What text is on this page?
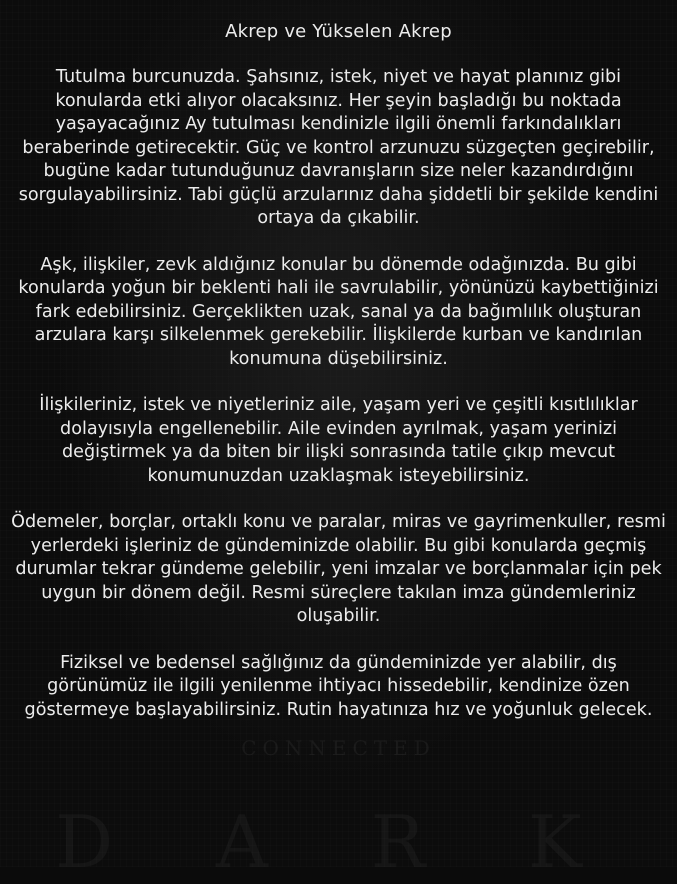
CONNECTED
Akrep ve Yükselen Akrep

Tutulma burcunuzda. Şahsınız, istek, niyet ve hayat planınız gibi konularda etki alıyor olacaksınız. Her şeyin başladığı bu noktada yaşayacağınız Ay tutulması kendinizle ilgili önemli farkındalıkları beraberinde getirecektir. Güç ve kontrol arzunuzu süzgeçten geçirebilir, bugüne kadar tutunduğunuz davranışların size neler kazandırdığını sorgulayabilirsiniz. Tabi güçlü arzularınız daha şiddetli bir şekilde kendini ortaya da çıkabilir.

Aşk, ilişkiler, zevk aldığınız konular bu dönemde odağınızda. Bu gibi konularda yoğun bir beklenti hali ile savrulabilir, yönünüzü kaybettiğinizi fark edebilirsiniz. Gerçeklikten uzak, sanal ya da bağımlılık oluşturan arzulara karşı silkelenmek gerekebilir. İlişkilerde kurban ve kandırılan konumuna düşebilirsiniz.

İlişkileriniz, istek ve niyetleriniz aile, yaşam yeri ve çeşitli kısıtlılıklar dolayısıyla engellenebilir. Aile evinden ayrılmak, yaşam yerinizi değiştirmek ya da biten bir ilişki sonrasında tatile çıkıp mevcut konumunuzdan uzaklaşmak isteyebilirsiniz.

Ödemeler, borçlar, ortaklı konu ve paralar, miras ve gayrimenkuller, resmi yerlerdeki işleriniz de gündeminizde olabilir. Bu gibi konularda geçmiş durumlar tekrar gündeme gelebilir, yeni imzalar ve borçlanmalar için pek uygun bir dönem değil. Resmi süreçlere takılan imza gündemleriniz oluşabilir.

Fiziksel ve bedensel sağlığınız da gündeminizde yer alabilir, dış görünümüz ile ilgili yenilenme ihtiyacı hissedebilir, kendinize özen göstermeye başlayabilirsiniz. Rutin hayatınıza hız ve yoğunluk gelecek.
